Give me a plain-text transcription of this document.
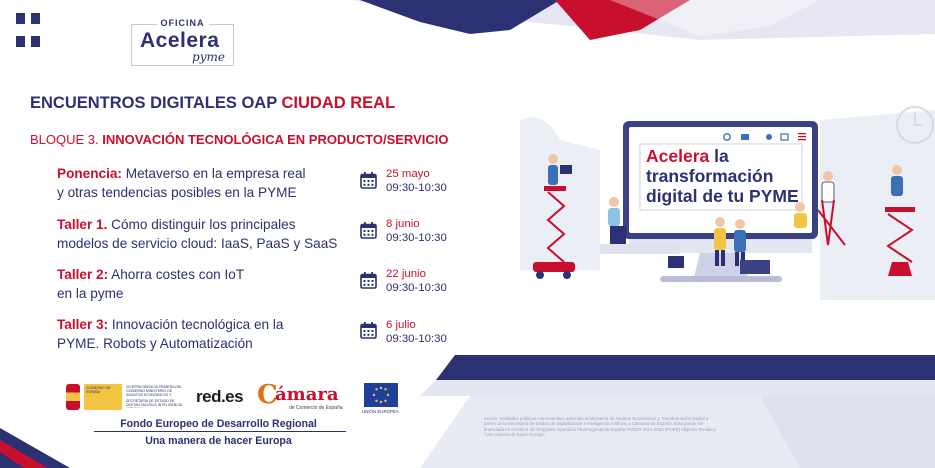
OFICINA
Acelera
pyme
ENCUENTROS DIGITALES OAP CIUDAD REAL
BLOQUE 3. INNOVACIÓN TECNOLÓGICA EN PRODUCTO/SERVICIO
Ponencia: Metaverso en la empresa real
y otras tendencias posibles en la PYME
25 mayo
09:30-10:30
Taller 1. Cómo distinguir los principales
modelos de servicio cloud: IaaS, PaaS y SaaS
8 junio
09:30-10:30
Taller 2: Ahorra costes con IoT
en la pyme
22 junio
09:30-10:30
Taller 3: Innovación tecnológica en la
PYME. Robots y Automatización
6 julio
09:30-10:30
Acelera la
transformación
digital de tu PYME
GOBIERNO DE ESPAÑA
VICEPRESIDENCIA PRIMERA DEL GOBIERNO MINISTERIO DE ASUNTOS ECONÓMICOS Y
SECRETARÍA DE ESTADO DE DIGITALIZACIÓN E INTELIGENCIA red.es C
ámara
de Comercio de España
UNIÓN EUROPEA
Fondo Europeo de Desarrollo Regional
Una manera de hacer Europa
Acción: entidades públicas empresariales adscritas al Ministerio de Asuntos Económicos y Transformación Digital a través de la Secretaría de Estado de Digitalización e Inteligencia Artificial, y Cámaras de España. Este puede ser financiado en el marco del Programa Operativo Plurirregional de España FEDER 2014-2020 (POPE) Objetivo Temático "Una manera de hacer Europa".
